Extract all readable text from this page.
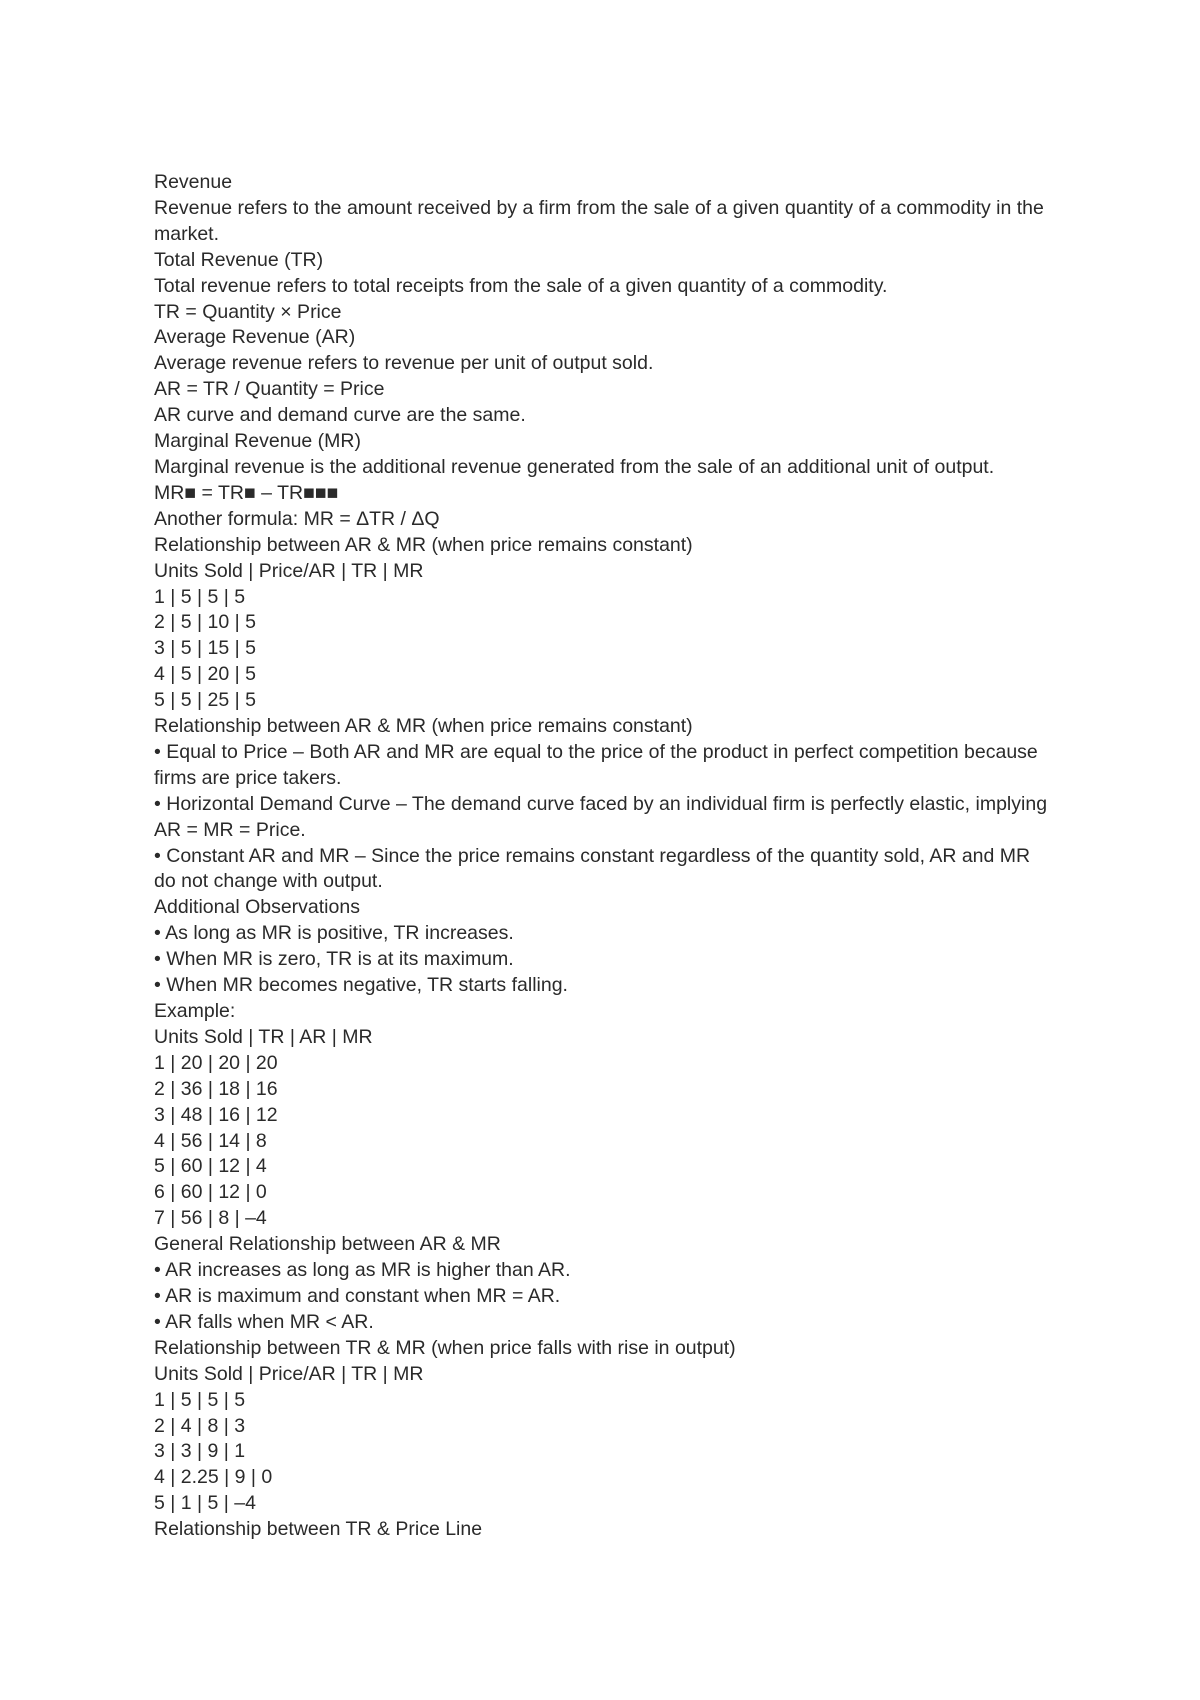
Revenue

Revenue refers to the amount received by a firm from the sale of a given quantity of a commodity in the market.

Total Revenue (TR)

Total revenue refers to total receipts from the sale of a given quantity of a commodity.

TR = Quantity × Price

Average Revenue (AR)

Average revenue refers to revenue per unit of output sold.

AR = TR / Quantity = Price

AR curve and demand curve are the same.

Marginal Revenue (MR)

Marginal revenue is the additional revenue generated from the sale of an additional unit of output.

MR■ = TR■ – TR■■■

Another formula: MR = ΔTR / ΔQ

Relationship between AR & MR (when price remains constant)

Units Sold | Price/AR | TR | MR

1 | 5 | 5 | 5

2 | 5 | 10 | 5

3 | 5 | 15 | 5

4 | 5 | 20 | 5

5 | 5 | 25 | 5

Relationship between AR & MR (when price remains constant)

• Equal to Price – Both AR and MR are equal to the price of the product in perfect competition because firms are price takers.

• Horizontal Demand Curve – The demand curve faced by an individual firm is perfectly elastic, implying AR = MR = Price.

• Constant AR and MR – Since the price remains constant regardless of the quantity sold, AR and MR do not change with output.

Additional Observations

• As long as MR is positive, TR increases.

• When MR is zero, TR is at its maximum.

• When MR becomes negative, TR starts falling.

Example:

Units Sold | TR | AR | MR

1 | 20 | 20 | 20

2 | 36 | 18 | 16

3 | 48 | 16 | 12

4 | 56 | 14 | 8

5 | 60 | 12 | 4

6 | 60 | 12 | 0

7 | 56 | 8 | –4

General Relationship between AR & MR

• AR increases as long as MR is higher than AR.

• AR is maximum and constant when MR = AR.

• AR falls when MR < AR.

Relationship between TR & MR (when price falls with rise in output)

Units Sold | Price/AR | TR | MR

1 | 5 | 5 | 5

2 | 4 | 8 | 3

3 | 3 | 9 | 1

4 | 2.25 | 9 | 0

5 | 1 | 5 | –4

Relationship between TR & Price Line
